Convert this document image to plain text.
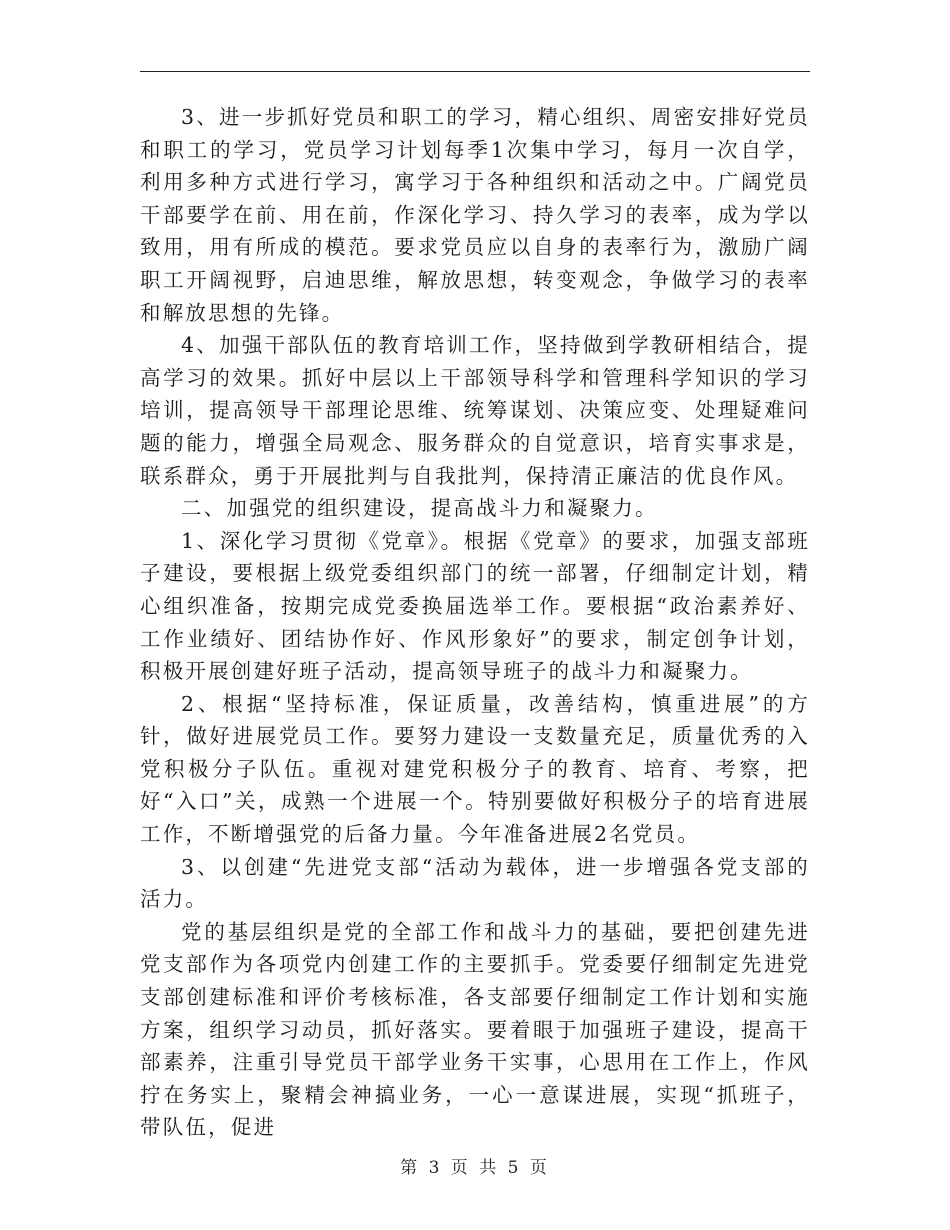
3、进一步抓好党员和职工的学习，精心组织、周密安排好党员和职工的学习，党员学习计划每季1次集中学习，每月一次自学，利用多种方式进行学习，寓学习于各种组织和活动之中。广阔党员干部要学在前、用在前，作深化学习、持久学习的表率，成为学以致用，用有所成的模范。要求党员应以自身的表率行为，激励广阔职工开阔视野，启迪思维，解放思想，转变观念，争做学习的表率和解放思想的先锋。

4、加强干部队伍的教育培训工作，坚持做到学教研相结合，提高学习的效果。抓好中层以上干部领导科学和管理科学知识的学习培训，提高领导干部理论思维、统筹谋划、决策应变、处理疑难问题的能力，增强全局观念、服务群众的自觉意识，培育实事求是，联系群众，勇于开展批判与自我批判，保持清正廉洁的优良作风。

二、加强党的组织建设，提高战斗力和凝聚力。

1、深化学习贯彻《党章》。根据《党章》的要求，加强支部班子建设，要根据上级党委组织部门的统一部署，仔细制定计划，精心组织准备，按期完成党委换届选举工作。要根据“政治素养好、工作业绩好、团结协作好、作风形象好”的要求，制定创争计划，积极开展创建好班子活动，提高领导班子的战斗力和凝聚力。

2、根据“坚持标准，保证质量，改善结构，慎重进展”的方针，做好进展党员工作。要努力建设一支数量充足，质量优秀的入党积极分子队伍。重视对建党积极分子的教育、培育、考察，把好“入口”关，成熟一个进展一个。特别要做好积极分子的培育进展工作，不断增强党的后备力量。今年准备进展2名党员。

3、以创建“先进党支部“活动为载体，进一步增强各党支部的活力。

党的基层组织是党的全部工作和战斗力的基础，要把创建先进党支部作为各项党内创建工作的主要抓手。党委要仔细制定先进党支部创建标准和评价考核标准，各支部要仔细制定工作计划和实施方案，组织学习动员，抓好落实。要着眼于加强班子建设，提高干部素养，注重引导党员干部学业务干实事，心思用在工作上，作风拧在务实上，聚精会神搞业务，一心一意谋进展，实现“抓班子，带队伍，促进

第 3 页 共 5 页
